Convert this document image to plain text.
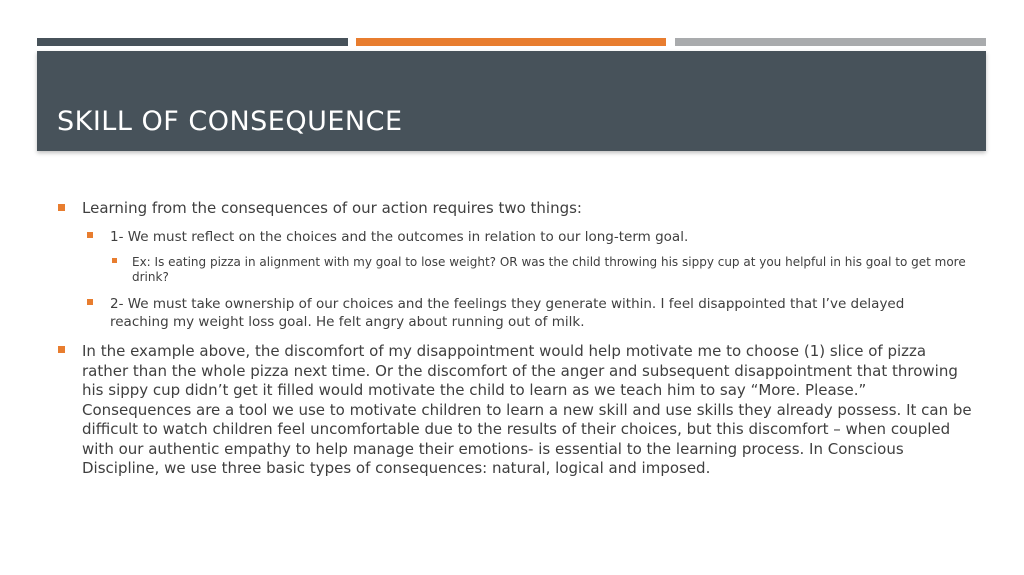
SKILL OF CONSEQUENCE
Learning from the consequences of our action requires two things:
1- We must reflect on the choices and the outcomes in relation to our long-term goal.
Ex: Is eating pizza in alignment with my goal to lose weight? OR was the child throwing his sippy cup at you helpful in his goal to get more drink?
2- We must take ownership of our choices and the feelings they generate within. I feel disappointed that I’ve delayed reaching my weight loss goal. He felt angry about running out of milk.
In the example above, the discomfort of my disappointment would help motivate me to choose (1) slice of pizza rather than the whole pizza next time. Or the discomfort of the anger and subsequent disappointment that throwing his sippy cup didn’t get it filled would motivate the child to learn as we teach him to say “More. Please.” Consequences are a tool we use to motivate children to learn a new skill and use skills they already possess. It can be difficult to watch children feel uncomfortable due to the results of their choices, but this discomfort – when coupled with our authentic empathy to help manage their emotions- is essential to the learning process. In Conscious Discipline, we use three basic types of consequences: natural, logical and imposed.
